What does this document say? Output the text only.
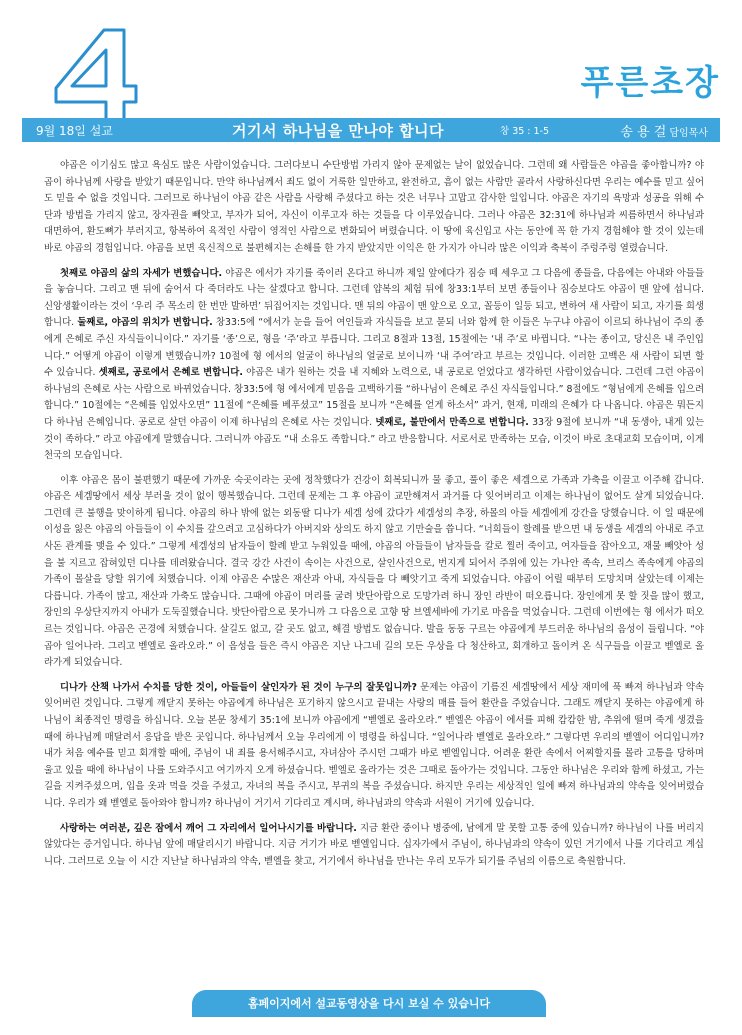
4	푸른초장
9월 18일 설교	거기서 하나님을 만나야 합니다	창 35 : 1-5	송 용 걸 담임목사

야곱은 이기심도 많고 욕심도 많은 사람이었습니다. 그러다보니 수단방법 가리지 않아 문제없는 날이 없었습니다. 그런데 왜 사람들은 야곱을 좋아합니까? 야곱이 하나님께 사랑을 받았기 때문입니다. 만약 하나님께서 죄도 없이 거룩한 일만하고, 완전하고, 흠이 없는 사람만 골라서 사랑하신다면 우리는 예수를 믿고 싶어도 믿을 수 없을 것입니다. 그러므로 하나님이 야곱 같은 사람을 사랑해 주셨다고 하는 것은 너무나 고맙고 감사한 일입니다. 야곱은 자기의 욕망과 성공을 위해 수단과 방법을 가리지 않고, 장자권을 빼앗고, 부자가 되어, 자신이 이루고자 하는 것들을 다 이루었습니다. 그러나 야곱은 32:31에 하나님과 씨름하면서 하나님과 대면하여, 환도뼈가 부러지고, 항복하여 육적인 사람이 영적인 사람으로 변화되어 버렸습니다. 이 땅에 육신입고 사는 동안에 꼭 한 가지 경험해야 할 것이 있는데 바로 야곱의 경험입니다. 야곱을 보면 육신적으로 불편해지는 손해를 한 가지 받았지만 이익은 한 가지가 아니라 많은 이익과 축복이 주렁주렁 열렸습니다.

첫째로 야곱의 삶의 자세가 변했습니다. 야곱은 에서가 자기를 죽이러 온다고 하니까 제일 앞에다가 짐승 떼 세우고 그 다음에 종들을, 다음에는 아내와 아들들을 놓습니다. 그리고 맨 뒤에 숨어서 다 죽더라도 나는 살겠다고 합니다. 그런데 얍복의 체험 뒤에 창33:1부터 보면 종들이나 짐승보다도 야곱이 맨 앞에 섭니다. 신앙생활이라는 것이 ‘우리 주 목소리 한 번만 발하면’ 뒤집어지는 것입니다. 맨 뒤의 야곱이 맨 앞으로 오고, 꼴등이 일등 되고, 변하여 새 사람이 되고, 자기를 희생합니다. 둘째로, 야곱의 위치가 변합니다. 창33:5에 “에서가 눈을 들어 여인들과 자식들을 보고 묻되 너와 함께 한 이들은 누구냐 야곱이 이르되 하나님이 주의 종에게 은혜로 주신 자식들이니이다.” 자기를 ‘종’으로, 형을 ‘주’라고 부릅니다. 그리고 8절과 13절, 15절에는 ‘내 주’로 바뀝니다. “나는 종이고, 당신은 내 주인입니다.” 어떻게 야곱이 이렇게 변했습니까? 10절에 형 에서의 얼굴이 하나님의 얼굴로 보이니까 ‘내 주여’라고 부르는 것입니다. 이러한 고백은 새 사람이 되면 할 수 있습니다. 셋째로, 공로에서 은혜로 변합니다. 야곱은 내가 원하는 것을 내 지혜와 노력으로, 내 공로로 얻었다고 생각하던 사람이었습니다. 그런데 그런 야곱이 하나님의 은혜로 사는 사람으로 바뀌었습니다. 창33:5에 형 에서에게 믿음을 고백하기를 “하나님이 은혜로 주신 자식들입니다.” 8절에도 “형님에게 은혜를 입으려 합니다.” 10절에는 “은혜를 입었사오면” 11절에 “은혜를 베푸셨고” 15절을 보니까 “은혜를 얻게 하소서” 과거, 현재, 미래의 은혜가 다 나옵니다. 야곱은 뭐든지 다 하나님 은혜입니다. 공로로 살던 야곱이 이제 하나님의 은혜로 사는 것입니다. 넷째로, 불만에서 만족으로 변합니다. 33장 9절에 보니까 “내 동생아, 내게 있는 것이 족하다.” 라고 야곱에게 말했습니다. 그러니까 야곱도 “내 소유도 족합니다.” 라고 반응합니다. 서로서로 만족하는 모습, 이것이 바로 초대교회 모습이며, 이게 천국의 모습입니다.

이후 야곱은 몸이 불편했기 때문에 가까운 숙곳이라는 곳에 정착했다가 건강이 회복되니까 물 좋고, 풀이 좋은 세겜으로 가족과 가축을 이끌고 이주해 갑니다. 야곱은 세겜땅에서 세상 부러울 것이 없이 행복했습니다. 그런데 문제는 그 후 야곱이 교만해져서 과거를 다 잊어버리고 이제는 하나님이 없어도 살게 되었습니다. 그런데 큰 불행을 맞이하게 됩니다. 야곱의 하나 밖에 없는 외동딸 디나가 세겜 성에 갔다가 세겜성의 추장, 하몰의 아들 세겜에게 강간을 당했습니다. 이 일 때문에 이성을 잃은 야곱의 아들들이 이 수치를 갚으려고 고심하다가 아버지와 상의도 하지 않고 기만술을 씁니다. “너희들이 할례를 받으면 내 동생을 세겜의 아내로 주고 사돈 관계를 맺을 수 있다.” 그렇게 세겜성의 남자들이 할례 받고 누워있을 때에, 야곱의 아들들이 남자들을 칼로 찔러 죽이고, 여자들을 잡아오고, 재물 빼앗아 성을 불 지르고 잡혀있던 디나를 데려왔습니다. 결국 강간 사건이 속이는 사건으로, 살인사건으로, 번지게 되어서 주위에 있는 가나안 족속, 브리스 족속에게 야곱의 가족이 몰살을 당할 위기에 처했습니다. 이제 야곱은 수많은 재산과 아내, 자식들을 다 빼앗기고 죽게 되었습니다. 야곱이 어릴 때부터 도망치며 살았는데 이제는 다릅니다. 가족이 많고, 재산과 가축도 많습니다. 그때에 야곱이 머리를 굴려 밧단아람으로 도망가려 하니 장인 라반이 떠오릅니다. 장인에게 못 할 짓을 많이 했고, 장인의 우상단지까지 아내가 도둑질했습니다. 밧단아람으로 못가니까 그 다음으로 고향 땅 브엘세바에 가기로 마음을 먹었습니다. 그런데 이번에는 형 에서가 떠오르는 것입니다. 야곱은 곤경에 처했습니다. 살길도 없고, 갈 곳도 없고, 해결 방법도 없습니다. 발을 동동 구르는 야곱에게 부드러운 하나님의 음성이 들립니다. “야곱아 일어나라. 그리고 벧엘로 올라오라.” 이 음성을 들은 즉시 야곱은 지난 나그네 길의 모든 우상을 다 청산하고, 회개하고 돌이켜 온 식구들을 이끌고 벧엘로 올라가게 되었습니다.

디나가 산책 나가서 수치를 당한 것이, 아들들이 살인자가 된 것이 누구의 잘못입니까? 문제는 야곱이 기름진 세겜땅에서 세상 재미에 푹 빠져 하나님과 약속 잊어버린 것입니다. 그렇게 깨닫지 못하는 야곱에게 하나님은 포기하지 않으시고 끝내는 사랑의 매를 들어 환란을 주었습니다. 그래도 깨닫지 못하는 야곱에게 하나님이 최종적인 명령을 하십니다. 오늘 본문 창세기 35:1에 보니까 야곱에게 “벧엘로 올라오라.” 벧엘은 야곱이 에서를 피해 캄캄한 밤, 추위에 떨며 죽게 생겼을 때에 하나님께 매달려서 응답을 받은 곳입니다. 하나님께서 오늘 우리에게 이 명령을 하십니다. “일어나라 벧엘로 올라오라.” 그렇다면 우리의 벧엘이 어디입니까? 내가 처음 예수를 믿고 회개할 때에, 주님이 내 죄를 용서해주시고, 자녀삼아 주시던 그때가 바로 벧엘입니다. 어려운 환란 속에서 어찌할지를 몰라 고통을 당하며 울고 있을 때에 하나님이 나를 도와주시고 여기까지 오게 하셨습니다. 벧엘로 올라가는 것은 그때로 돌아가는 것입니다. 그동안 하나님은 우리와 함께 하셨고, 가는 길을 지켜주셨으며, 입을 옷과 먹을 것을 주셨고, 자녀의 복을 주시고, 부귀의 복을 주셨습니다. 하지만 우리는 세상적인 일에 빠져 하나님과의 약속을 잊어버렸습니다. 우리가 왜 벧엘로 돌아와야 합니까? 하나님이 거기서 기다리고 계시며, 하나님과의 약속과 서원이 거기에 있습니다.

사랑하는 여러분, 깊은 잠에서 깨어 그 자리에서 일어나시기를 바랍니다. 지금 환란 중이나 병중에, 남에게 말 못할 고통 중에 있습니까? 하나님이 나를 버리지 않았다는 증거입니다. 하나님 앞에 매달리시기 바랍니다. 지금 거기가 바로 벧엘입니다. 십자가에서 주님이, 하나님과의 약속이 있던 거기에서 나를 기다리고 계십니다. 그러므로 오늘 이 시간 지난날 하나님과의 약속, 벧엘을 찾고, 거기에서 하나님을 만나는 우리 모두가 되기를 주님의 이름으로 축원합니다.

홈페이지에서 설교동영상을 다시 보실 수 있습니다
